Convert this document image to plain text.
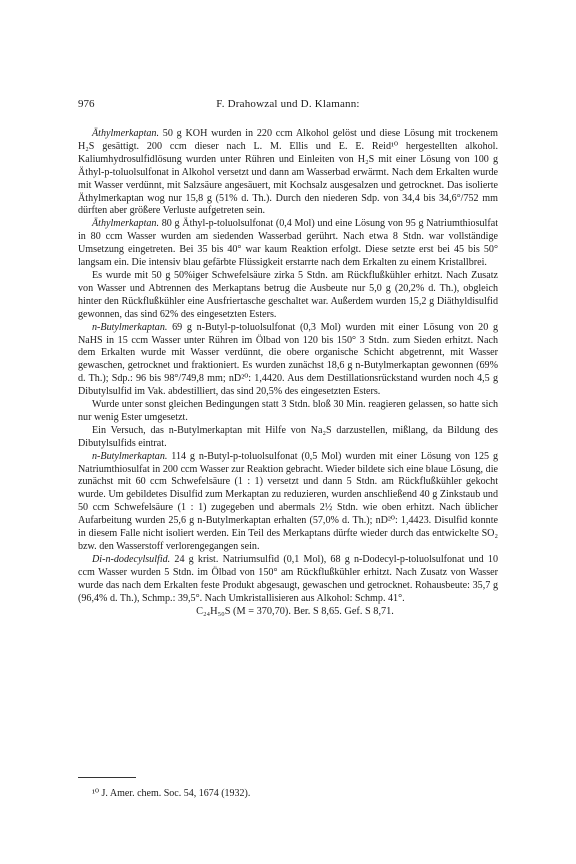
976	F. Drahowzal und D. Klamann:

Äthylmerkaptan. 50 g KOH wurden in 220 ccm Alkohol gelöst und diese Lösung mit trockenem H₂S gesättigt. 200 ccm dieser nach L. M. Ellis und E. E. Reid¹⁰ hergestellten alkohol. Kaliumhydrosulfidlösung wurden unter Rühren und Einleiten von H₂S mit einer Lösung von 100 g Äthyl-p-toluolsulfonat in Alkohol versetzt und dann am Wasserbad erwärmt. Nach dem Erkalten wurde mit Wasser verdünnt, mit Salzsäure angesäuert, mit Kochsalz ausgesalzen und getrocknet. Das isolierte Äthylmerkaptan wog nur 15,8 g (51% d. Th.). Durch den niederen Sdp. von 34,4 bis 34,6°/752 mm dürften aber größere Verluste aufgetreten sein.

Äthylmerkaptan. 80 g Äthyl-p-toluolsulfonat (0,4 Mol) und eine Lösung von 95 g Natriumthiosulfat in 80 ccm Wasser wurden am siedenden Wasserbad gerührt. Nach etwa 8 Stdn. war vollständige Umsetzung eingetreten. Bei 35 bis 40° war kaum Reaktion erfolgt. Diese setzte erst bei 45 bis 50° langsam ein. Die intensiv blau gefärbte Flüssigkeit erstarrte nach dem Erkalten zu einem Kristallbrei.

Es wurde mit 50 g 50%iger Schwefelsäure zirka 5 Stdn. am Rückflußkühler erhitzt. Nach Zusatz von Wasser und Abtrennen des Merkaptans betrug die Ausbeute nur 5,0 g (20,2% d. Th.), obgleich hinter den Rückflußkühler eine Ausfriertasche geschaltet war. Außerdem wurden 15,2 g Diäthyldisulfid gewonnen, das sind 62% des eingesetzten Esters.

n-Butylmerkaptan. 69 g n-Butyl-p-toluolsulfonat (0,3 Mol) wurden mit einer Lösung von 20 g NaHS in 15 ccm Wasser unter Rühren im Ölbad von 120 bis 150° 3 Stdn. zum Sieden erhitzt. Nach dem Erkalten wurde mit Wasser verdünnt, die obere organische Schicht abgetrennt, mit Wasser gewaschen, getrocknet und fraktioniert. Es wurden zunächst 18,6 g n-Butylmerkaptan gewonnen (69% d. Th.); Sdp.: 96 bis 98°/749,8 mm; nD²⁰: 1,4420. Aus dem Destillationsrückstand wurden noch 4,5 g Dibutylsulfid im Vak. abdestilliert, das sind 20,5% des eingesetzten Esters.

Wurde unter sonst gleichen Bedingungen statt 3 Stdn. bloß 30 Min. reagieren gelassen, so hatte sich nur wenig Ester umgesetzt.

Ein Versuch, das n-Butylmerkaptan mit Hilfe von Na₂S darzustellen, mißlang, da Bildung des Dibutylsulfids eintrat.

n-Butylmerkaptan. 114 g n-Butyl-p-toluolsulfonat (0,5 Mol) wurden mit einer Lösung von 125 g Natriumthiosulfat in 200 ccm Wasser zur Reaktion gebracht. Wieder bildete sich eine blaue Lösung, die zunächst mit 60 ccm Schwefelsäure (1 : 1) versetzt und dann 5 Stdn. am Rückflußkühler gekocht wurde. Um gebildetes Disulfid zum Merkaptan zu reduzieren, wurden anschließend 40 g Zinkstaub und 50 ccm Schwefelsäure (1 : 1) zugegeben und abermals 2½ Stdn. wie oben erhitzt. Nach üblicher Aufarbeitung wurden 25,6 g n-Butylmerkaptan erhalten (57,0% d. Th.); nD²⁰: 1,4423. Disulfid konnte in diesem Falle nicht isoliert werden. Ein Teil des Merkaptans dürfte wieder durch das entwickelte SO₂ bzw. den Wasserstoff verlorengegangen sein.

Di-n-dodecylsulfid. 24 g krist. Natriumsulfid (0,1 Mol), 68 g n-Dodecyl-p-toluolsulfonat und 10 ccm Wasser wurden 5 Stdn. im Ölbad von 150° am Rückflußkühler erhitzt. Nach Zusatz von Wasser wurde das nach dem Erkalten feste Produkt abgesaugt, gewaschen und getrocknet. Rohausbeute: 35,7 g (96,4% d. Th.), Schmp.: 39,5°. Nach Umkristallisieren aus Alkohol: Schmp. 41°.

C₂₄H₅₀S (M = 370,70). Ber. S 8,65. Gef. S 8,71.

¹⁰ J. Amer. chem. Soc. 54, 1674 (1932).
